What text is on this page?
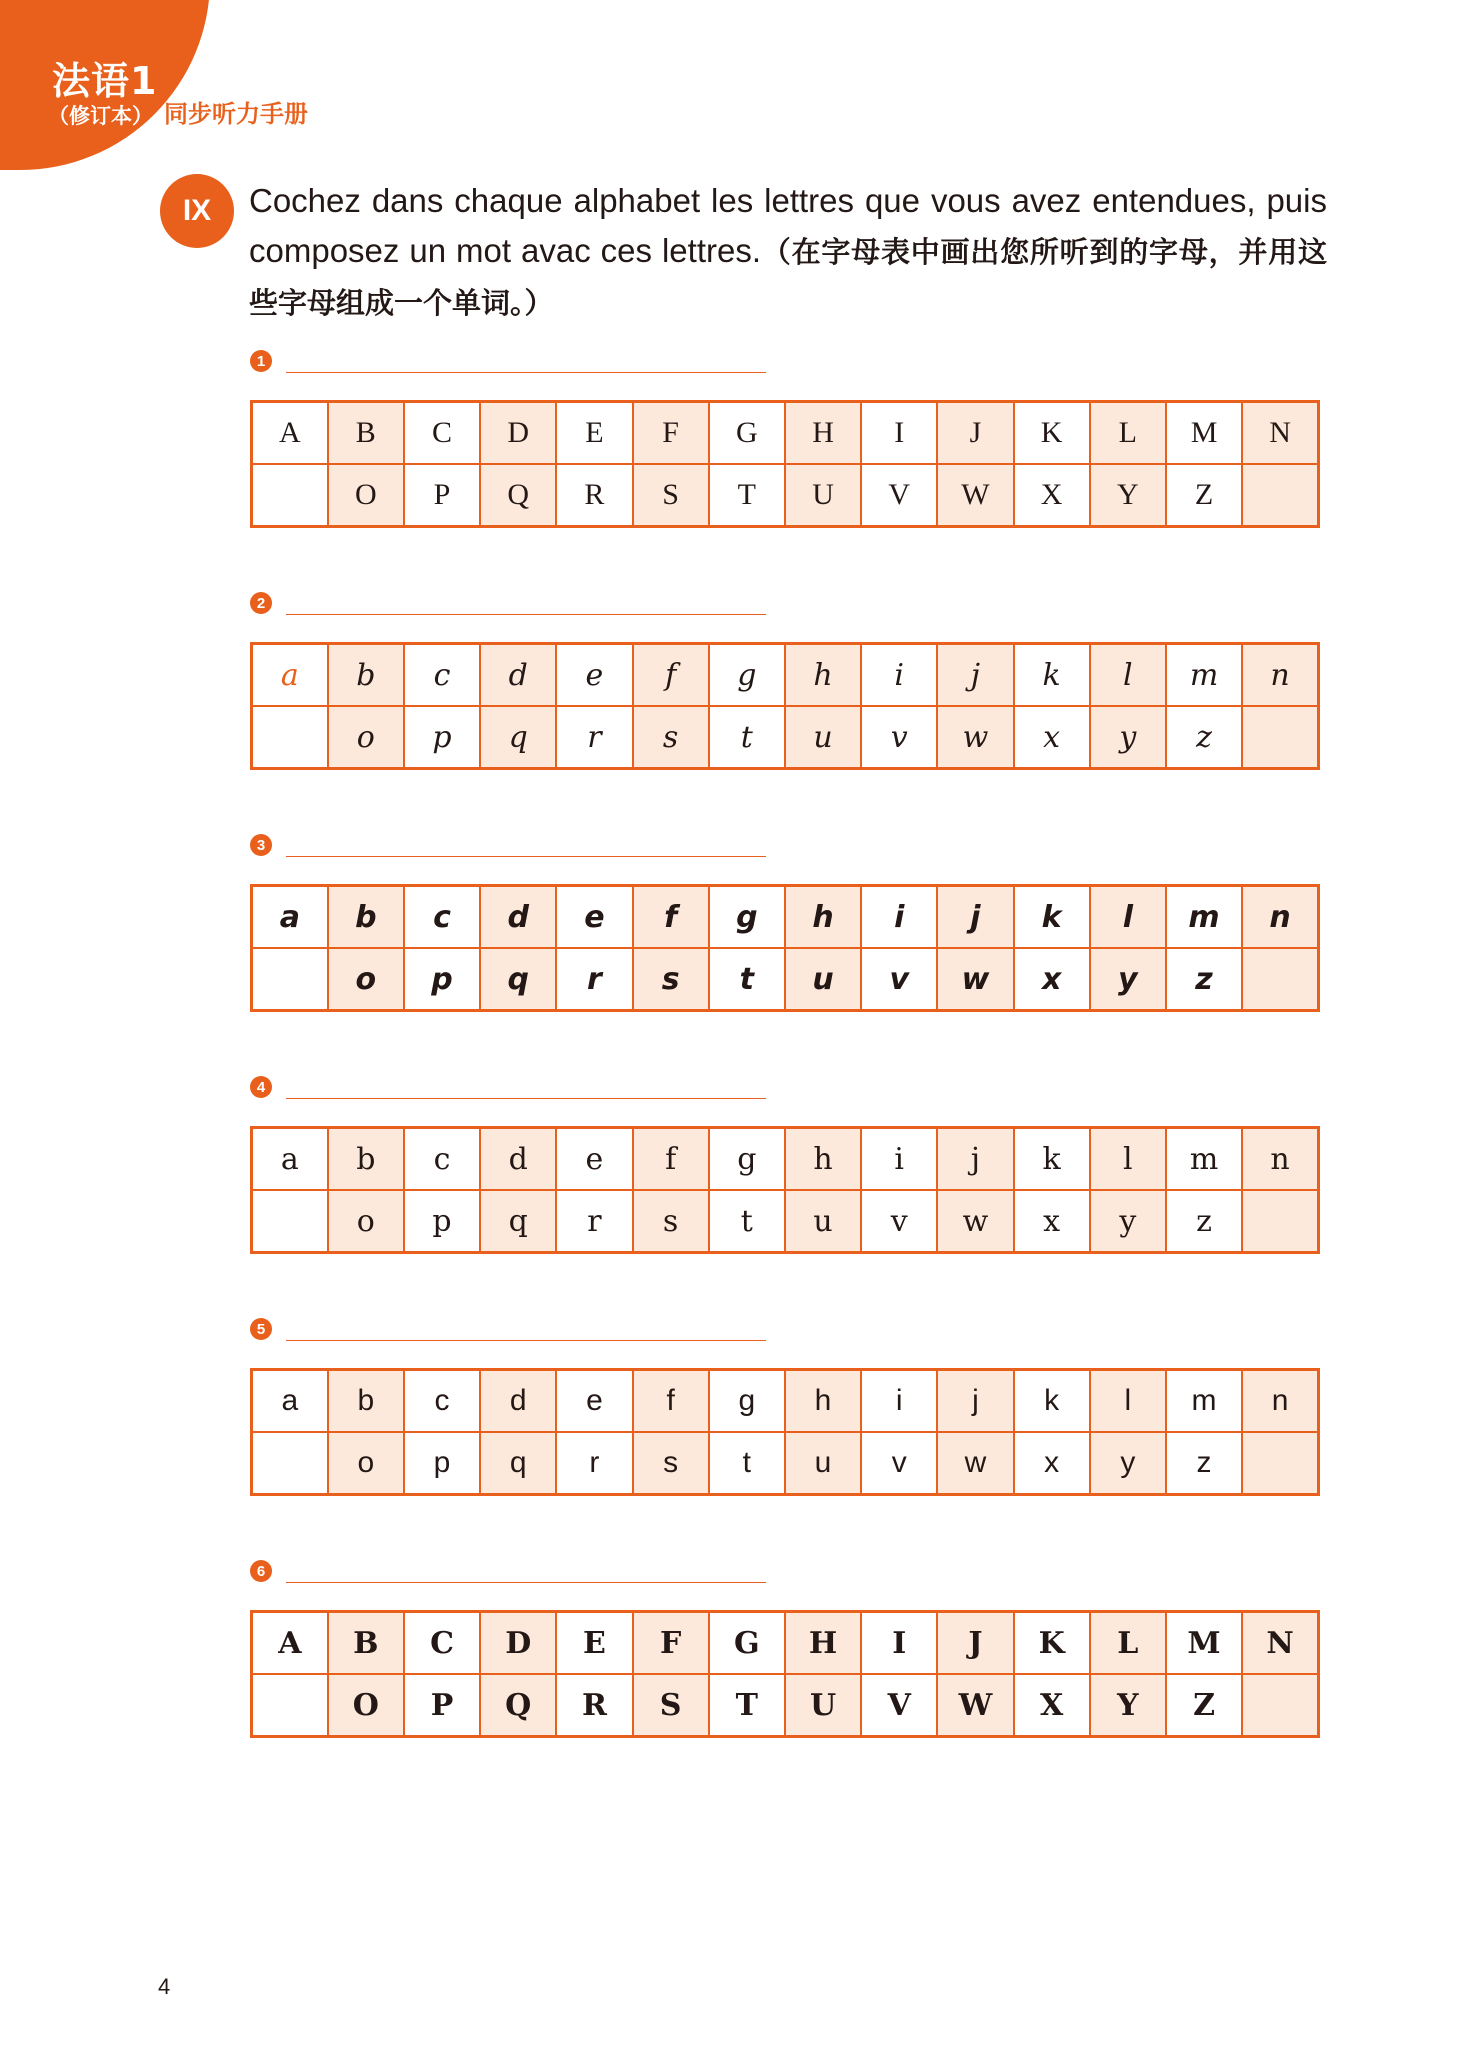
法语1
（修订本） 同步听力手册
IX	Cochez dans chaque alphabet les lettres que vous avez entendues, puis composez un mot avac ces lettres.（在字母表中画出您所听到的字母，并用这些字母组成一个单词。）

1
A	B	C	D	E	F	G	H	I	J	K	L	M	N
	O	P	Q	R	S	T	U	V	W	X	Y	Z	
2
a	b	c	d	e	f	g	h	i	j	k	l	m	n
	o	p	q	r	s	t	u	v	w	x	y	z	
3
a	b	c	d	e	f	g	h	i	j	k	l	m	n
	o	p	q	r	s	t	u	v	w	x	y	z	
4
a	b	c	d	e	f	g	h	i	j	k	l	m	n
	o	p	q	r	s	t	u	v	w	x	y	z	
5
a	b	c	d	e	f	g	h	i	j	k	l	m	n
	o	p	q	r	s	t	u	v	w	x	y	z	
6
A	B	C	D	E	F	G	H	I	J	K	L	M	N
	O	P	Q	R	S	T	U	V	W	X	Y	Z	
4
